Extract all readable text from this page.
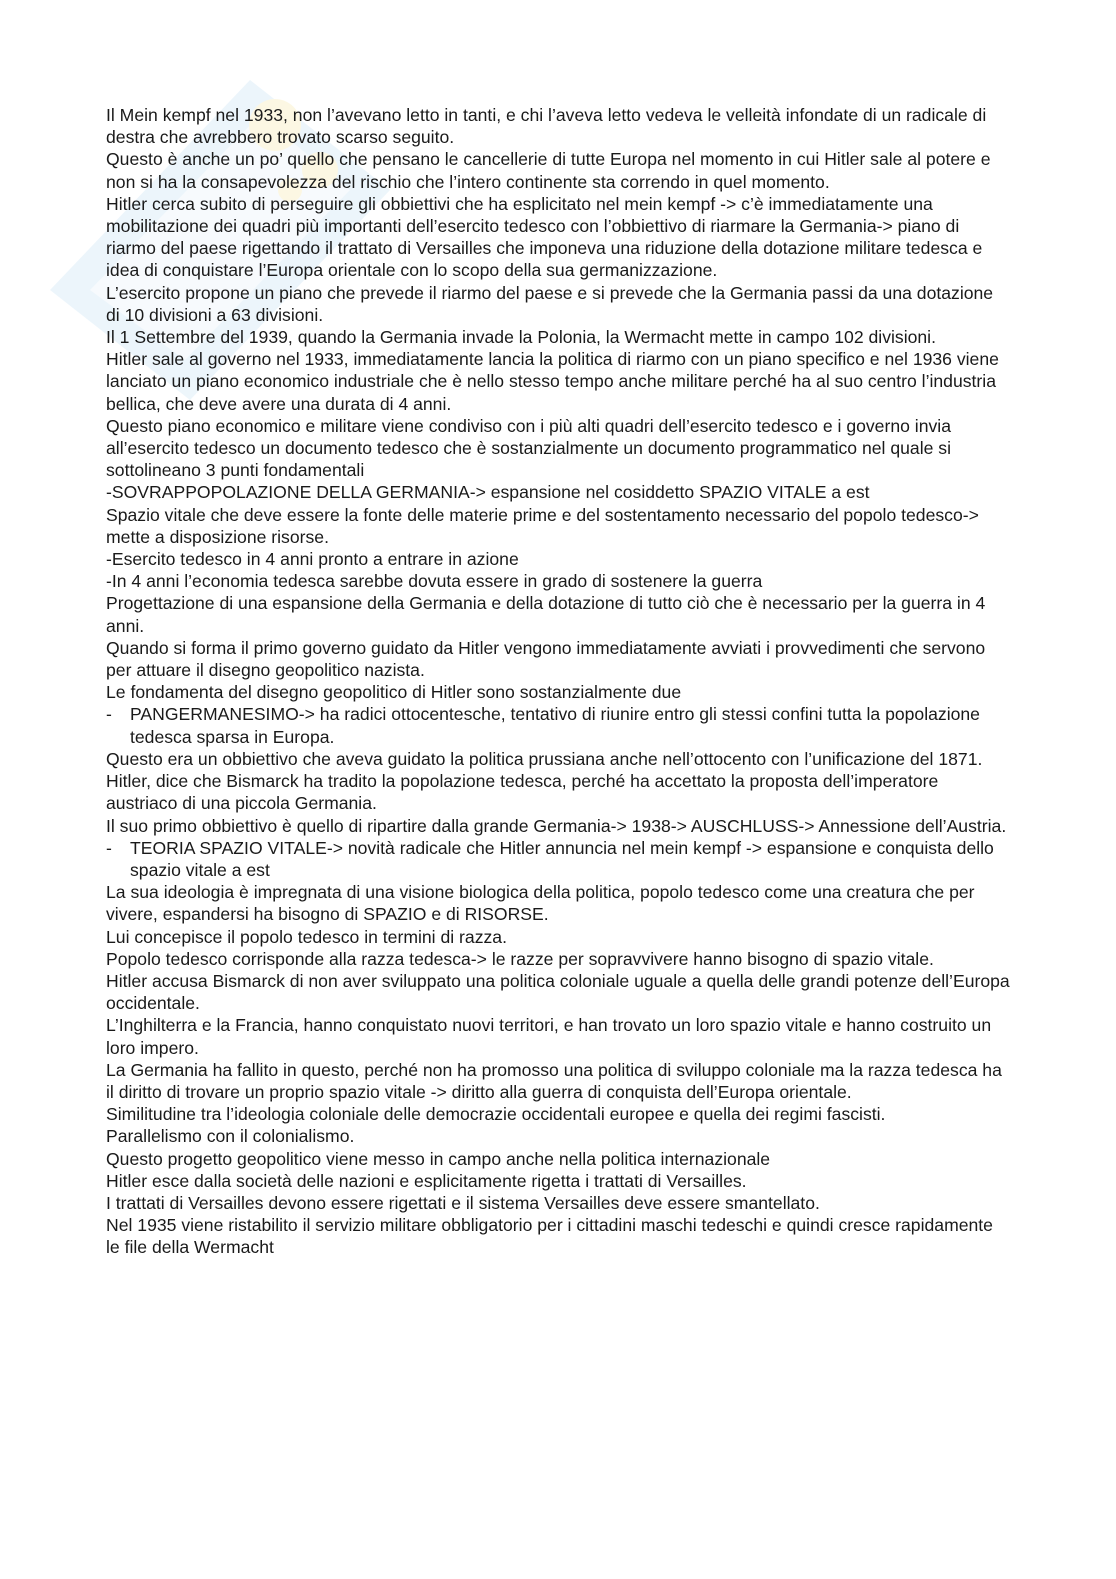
Il Mein kempf nel 1933, non l’avevano letto in tanti, e chi l’aveva letto vedeva le velleità infondate di un radicale di destra che avrebbero trovato scarso seguito.

Questo è anche un po’ quello che pensano le cancellerie di tutte Europa nel momento in cui Hitler sale al potere e non si ha la consapevolezza del rischio che l’intero continente sta correndo in quel momento.

Hitler cerca subito di perseguire gli obbiettivi che ha esplicitato nel mein kempf -> c’è immediatamente una mobilitazione dei quadri più importanti dell’esercito tedesco con l’obbiettivo di riarmare la Germania-> piano di riarmo del paese rigettando il trattato di Versailles che imponeva una riduzione della dotazione militare tedesca e idea di conquistare l’Europa orientale con lo scopo della sua germanizzazione.

L’esercito propone un piano che prevede il riarmo del paese e si prevede che la Germania passi da una dotazione di 10 divisioni a 63 divisioni.

Il 1 Settembre del 1939, quando la Germania invade la Polonia, la Wermacht mette in campo 102 divisioni.

Hitler sale al governo nel 1933, immediatamente lancia la politica di riarmo con un piano specifico e nel 1936 viene lanciato un piano economico industriale che è nello stesso tempo anche militare perché ha al suo centro l’industria bellica, che deve avere una durata di 4 anni.

Questo piano economico e militare viene condiviso con i più alti quadri dell’esercito tedesco e i governo invia all’esercito tedesco un documento tedesco che è sostanzialmente un documento programmatico nel quale si sottolineano 3 punti fondamentali

-SOVRAPPOPOLAZIONE DELLA GERMANIA-> espansione nel cosiddetto SPAZIO VITALE a est

Spazio vitale che deve essere la fonte delle materie prime e del sostentamento necessario del popolo tedesco-> mette a disposizione risorse.

-Esercito tedesco in 4 anni pronto a entrare in azione

-In 4 anni l’economia tedesca sarebbe dovuta essere in grado di sostenere la guerra

Progettazione di una espansione della Germania e della dotazione di tutto ciò che è necessario per la guerra in 4 anni.

Quando si forma il primo governo guidato da Hitler vengono immediatamente avviati i provvedimenti che servono per attuare il disegno geopolitico nazista.

Le fondamenta del disegno geopolitico di Hitler sono sostanzialmente due

- PANGERMANESIMO-> ha radici ottocentesche, tentativo di riunire entro gli stessi confini tutta la popolazione tedesca sparsa in Europa.

Questo era un obbiettivo che aveva guidato la politica prussiana anche nell’ottocento con l’unificazione del 1871.

Hitler, dice che Bismarck ha tradito la popolazione tedesca, perché ha accettato la proposta dell’imperatore austriaco di una piccola Germania.

Il suo primo obbiettivo è quello di ripartire dalla grande Germania-> 1938-> AUSCHLUSS-> Annessione dell’Austria.

- TEORIA SPAZIO VITALE-> novità radicale che Hitler annuncia nel mein kempf -> espansione e conquista dello spazio vitale a est

La sua ideologia è impregnata di una visione biologica della politica, popolo tedesco come una creatura che per vivere, espandersi ha bisogno di SPAZIO e di RISORSE.

Lui concepisce il popolo tedesco in termini di razza.

Popolo tedesco corrisponde alla razza tedesca-> le razze per sopravvivere hanno bisogno di spazio vitale.

Hitler accusa Bismarck di non aver sviluppato una politica coloniale uguale a quella delle grandi potenze dell’Europa occidentale.

L’Inghilterra e la Francia, hanno conquistato nuovi territori, e han trovato un loro spazio vitale e hanno costruito un loro impero.

La Germania ha fallito in questo, perché non ha promosso una politica di sviluppo coloniale ma la razza tedesca ha il diritto di trovare un proprio spazio vitale -> diritto alla guerra di conquista dell’Europa orientale.

Similitudine tra l’ideologia coloniale delle democrazie occidentali europee e quella dei regimi fascisti.

Parallelismo con il colonialismo.

Questo progetto geopolitico viene messo in campo anche nella politica internazionale

Hitler esce dalla società delle nazioni e esplicitamente rigetta i trattati di Versailles.

I trattati di Versailles devono essere rigettati e il sistema Versailles deve essere smantellato.

Nel 1935 viene ristabilito il servizio militare obbligatorio per i cittadini maschi tedeschi e quindi cresce rapidamente le file della Wermacht
